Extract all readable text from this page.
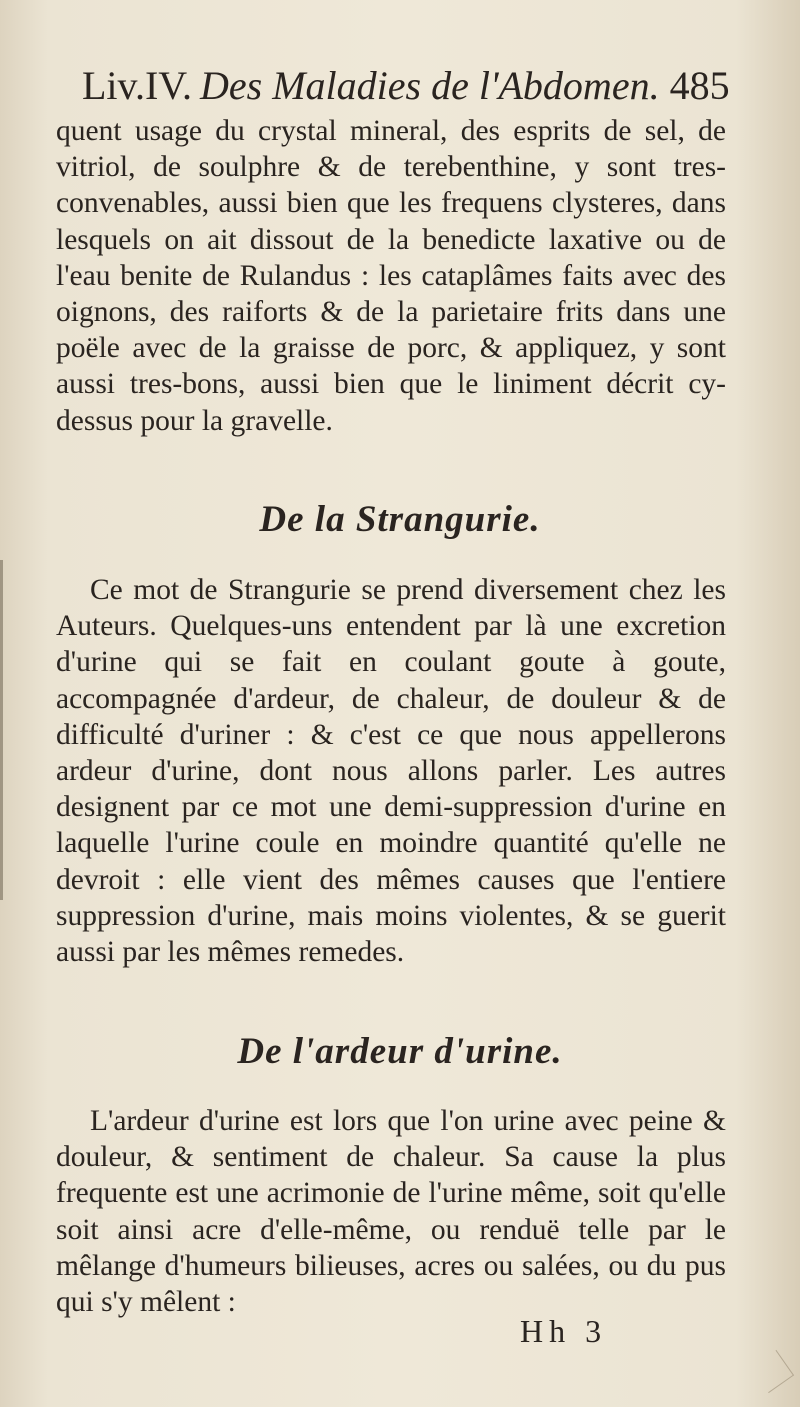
Liv.IV. Des Maladies de l'Abdomen. 485

quent usage du crystal mineral, des esprits de sel, de vitriol, de soulphre & de terebenthine, y sont tres-convenables, aussi bien que les frequens clysteres, dans lesquels on ait dissout de la benedicte laxative ou de l'eau benite de Rulandus : les cataplâmes faits avec des oignons, des raiforts & de la parietaire frits dans une poële avec de la graisse de porc, & appliquez, y sont aussi tres-bons, aussi bien que le liniment décrit cy-dessus pour la gravelle.

De la Strangurie.

Ce mot de Strangurie se prend diversement chez les Auteurs. Quelques-uns entendent par là une excretion d'urine qui se fait en coulant goute à goute, accompagnée d'ardeur, de chaleur, de douleur & de difficulté d'uriner : & c'est ce que nous appellerons ardeur d'urine, dont nous allons parler. Les autres designent par ce mot une demi-suppression d'urine en laquelle l'urine coule en moindre quantité qu'elle ne devroit : elle vient des mêmes causes que l'entiere suppression d'urine, mais moins violentes, & se guerit aussi par les mêmes remedes.

De l'ardeur d'urine.

L'ardeur d'urine est lors que l'on urine avec peine & douleur, & sentiment de chaleur. Sa cause la plus frequente est une acrimonie de l'urine même, soit qu'elle soit ainsi acre d'elle-même, ou renduë telle par le mêlange d'humeurs bilieuses, acres ou salées, ou du pus qui s'y mêlent :

Hh 3
